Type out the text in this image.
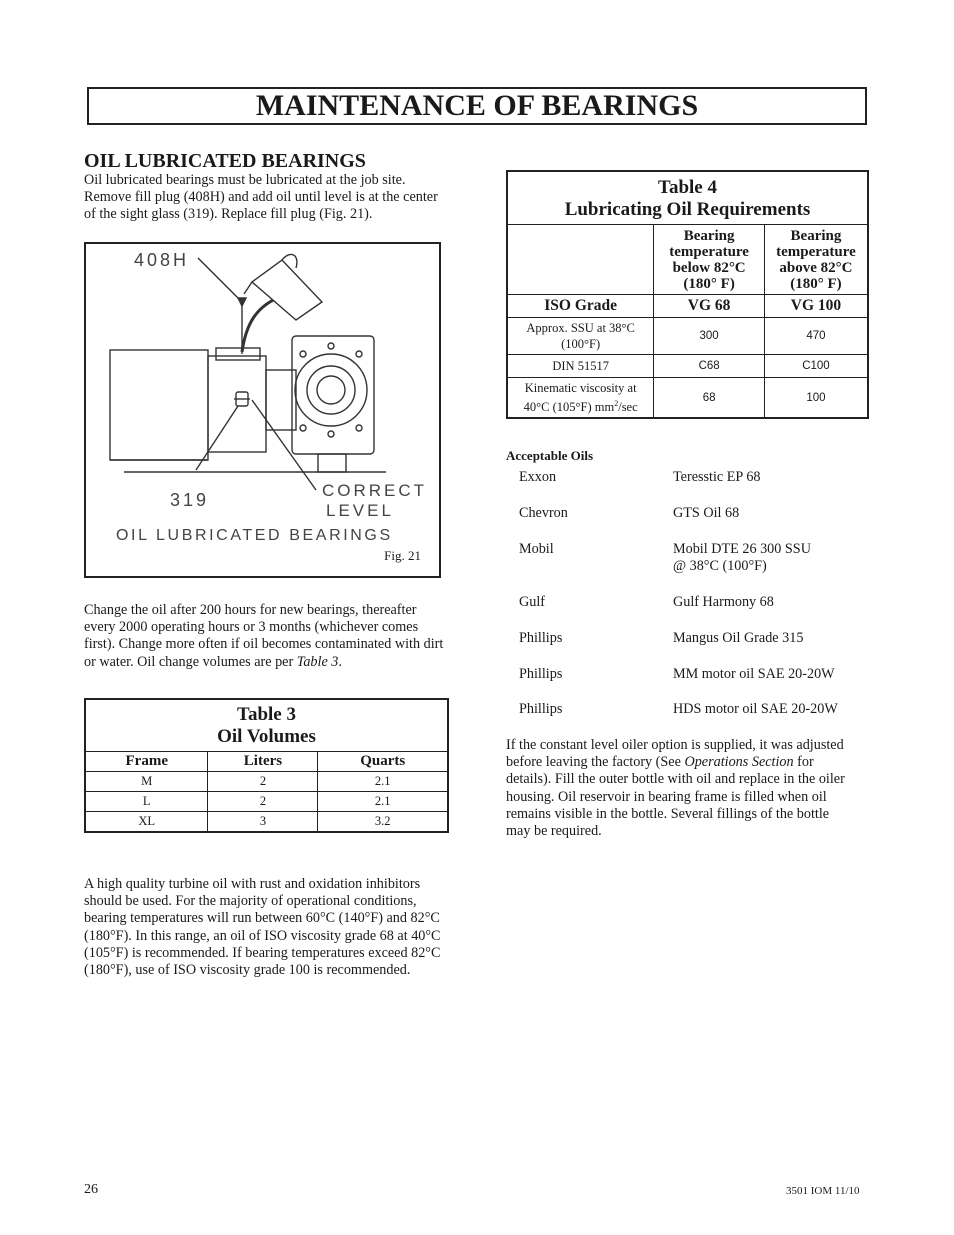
MAINTENANCE OF BEARINGS
OIL LUBRICATED BEARINGS
Oil lubricated bearings must be lubricated at the job site. Remove fill plug (408H) and add oil until level is at the center of the sight glass (319). Replace fill plug (Fig. 21).
408H
319	CORRECT
LEVEL
OIL LUBRICATED BEARINGS
Fig. 21
Change the oil after 200 hours for new bearings, thereafter every 2000 operating hours or 3 months (whichever comes first). Change more often if oil becomes contaminated with dirt or water. Oil change volumes are per Table 3.
Table 3
Oil Volumes		

Frame	Liters	Quarts
M	2	2.1
L	2	2.1
XL	3	3.2
A high quality turbine oil with rust and oxidation inhibitors should be used. For the majority of operational conditions, bearing temperatures will run between 60°C (140°F) and 82°C (180°F). In this range, an oil of ISO viscosity grade 68 at 40°C (105°F) is recommended. If bearing temperatures exceed 82°C (180°F), use of ISO viscosity grade 100 is recommended.
Table 4
Lubricating Oil Requirements		

	Bearing temperature below 82°C (180° F)	Bearing temperature above 82°C (180° F)
ISO Grade	VG 68	VG 100
Approx. SSU at 38°C (100°F)	300	470
DIN 51517	C68	C100
Kinematic viscosity at 40°C (105°F) $mm^2/\sec$	68	100
Acceptable Oils
Exxon	Teresstic EP 68
Chevron	GTS Oil 68
Mobil	Mobil DTE 26 300 SSU
@ 38°C (100°F)
Gulf	Gulf Harmony 68
Phillips	Mangus Oil Grade 315
Phillips	MM motor oil SAE 20-20W
Phillips	HDS motor oil SAE 20-20W
If the constant level oiler option is supplied, it was adjusted before leaving the factory (See Operations Section for details). Fill the outer bottle with oil and replace in the oiler housing. Oil reservoir in bearing frame is filled when oil remains visible in the bottle. Several fillings of the bottle may be required.
26	3501 IOM 11/10
